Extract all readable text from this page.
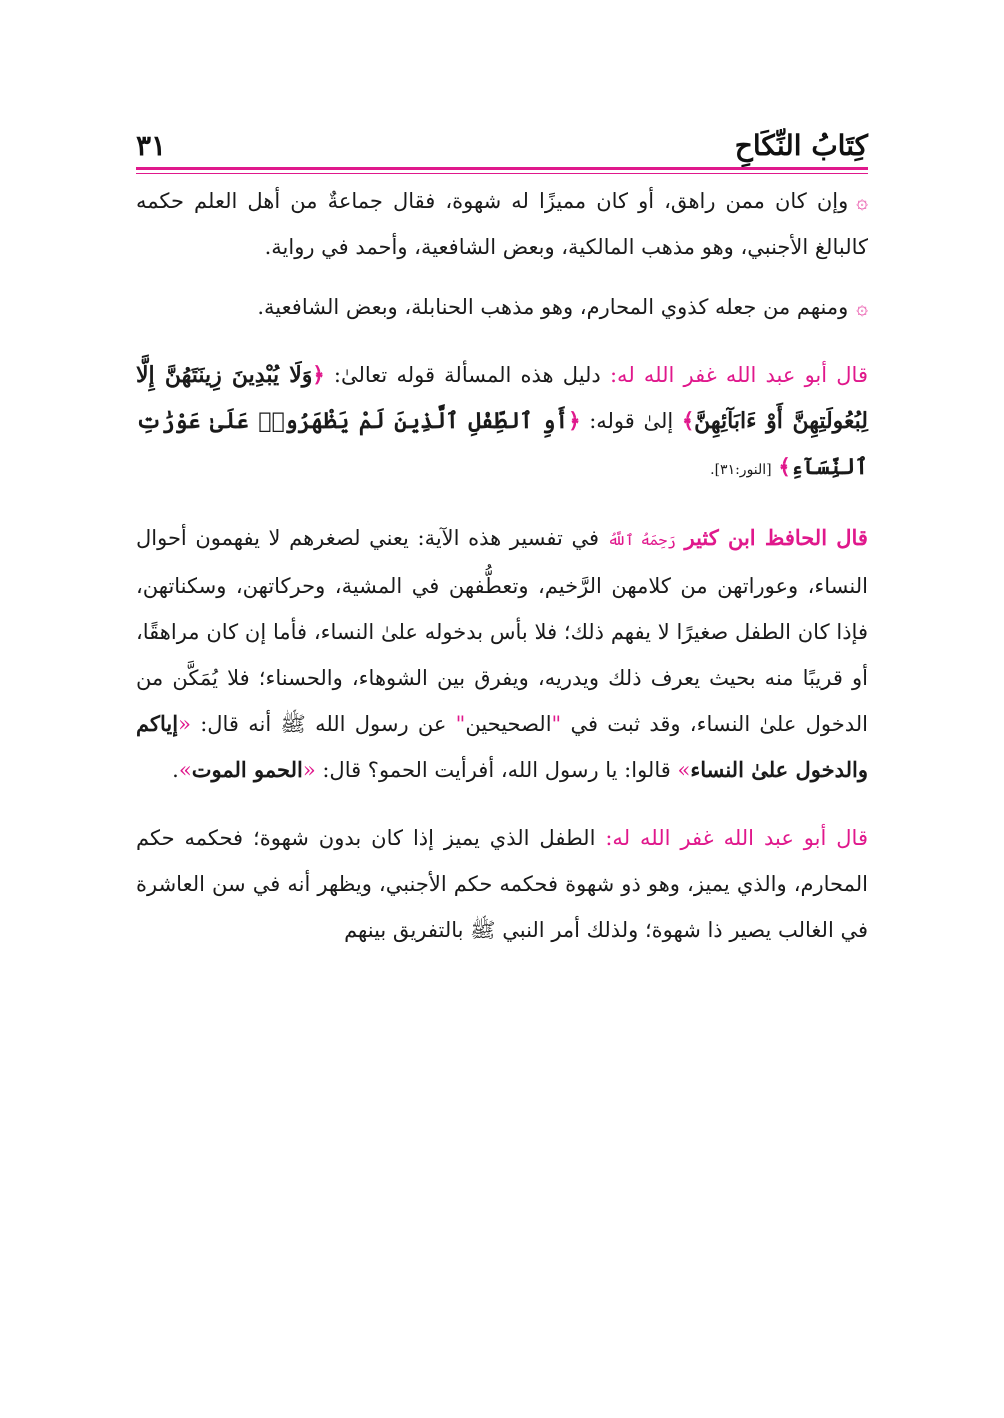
كِتَابُ النِّكَاحِ
٣١

۞وإن كان ممن راهق، أو كان مميزًا له شهوة، فقال جماعةٌ من أهل العلم حكمه كالبالغ الأجنبي، وهو مذهب المالكية، وبعض الشافعية، وأحمد في رواية.

۞ومنهم من جعله كذوي المحارم، وهو مذهب الحنابلة، وبعض الشافعية.

قال أبو عبد الله غفر الله له: دليل هذه المسألة قوله تعالىٰ: ﴿وَلَا يُبْدِينَ زِينَتَهُنَّ إِلَّا لِبُعُولَتِهِنَّ أَوْ ءَابَآئِهِنَّ﴾ إلىٰ قوله: ﴿أَوِ ٱلطِّفْلِ ٱلَّذِينَ لَمْ يَظْهَرُوا۟ عَلَىٰ عَوْرَٰتِ ٱلنِّسَآءِ﴾ [النور:٣١].

قال الحافظ ابن كثير رَحِمَهُ ٱللَّهُ في تفسير هذه الآية: يعني لصغرهم لا يفهمون أحوال النساء، وعوراتهن من كلامهن الرَّخيم، وتعطُّفهن في المشية، وحركاتهن، وسكناتهن، فإذا كان الطفل صغيرًا لا يفهم ذلك؛ فلا بأس بدخوله علىٰ النساء، فأما إن كان مراهقًا، أو قريبًا منه بحيث يعرف ذلك ويدريه، ويفرق بين الشوهاء، والحسناء؛ فلا يُمَكَّن من الدخول علىٰ النساء، وقد ثبت في "الصحيحين" عن رسول الله ﷺ أنه قال: «إياكم والدخول علىٰ النساء» قالوا: يا رسول الله، أفرأيت الحمو؟ قال: «الحمو الموت».

قال أبو عبد الله غفر الله له: الطفل الذي يميز إذا كان بدون شهوة؛ فحكمه حكم المحارم، والذي يميز، وهو ذو شهوة فحكمه حكم الأجنبي، ويظهر أنه في سن العاشرة في الغالب يصير ذا شهوة؛ ولذلك أمر النبي ﷺ بالتفريق بينهم
